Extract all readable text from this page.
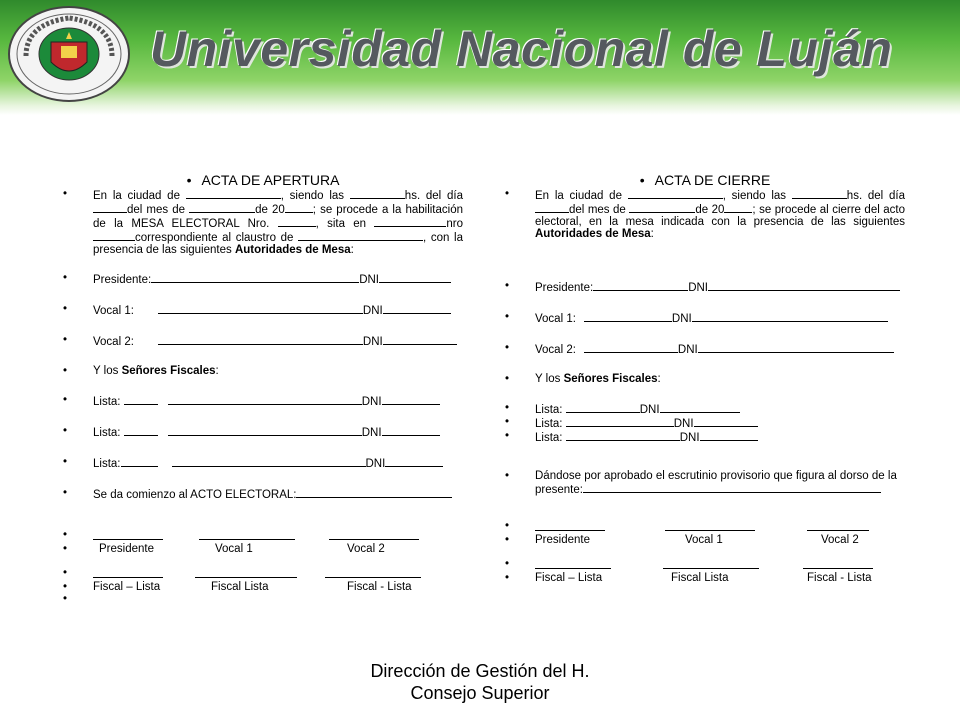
Universidad Nacional de Luján
• ACTA DE APERTURA
• En la ciudad de	, siendo las	hs. del día del mes de	de 20 ; se procede a la habilitación de la MESA ELECTORAL Nro.	, sita en	nrocorrespondiente al claustro de	, con la presencia de las siguientes Autoridades de Mesa:
• Presidente:	DNI
• Vocal 1:	DNI
• Vocal 2:	DNI
• Y los Señores Fiscales:
• Lista:	DNI
• Lista:	DNI
• Lista:	DNI
• Se da comienzo al ACTO ELECTORAL:
•
• Presidente	Vocal 1	Vocal 2
•
• Fiscal – Lista	Fiscal Lista	Fiscal - Lista
•
• ACTA DE CIERRE
• En la ciudad de	, siendo las	hs. del día del mes de	de 20 ; se procede al cierre del acto electoral, en la mesa indicada con la presencia de las siguientes Autoridades de Mesa:
• Presidente:	DNI
• Vocal 1:	DNI
• Vocal 2:	DNI
• Y los Señores Fiscales:
• Lista:	DNI
• Lista:	DNI
• Lista:	DNI
• Dándose por aprobado el escrutinio provisorio que figura al dorso de la presente:
•
• Presidente	Vocal 1	Vocal 2
•
• Fiscal – Lista	Fiscal Lista	Fiscal - Lista
Dirección de Gestión del H.
Consejo Superior
